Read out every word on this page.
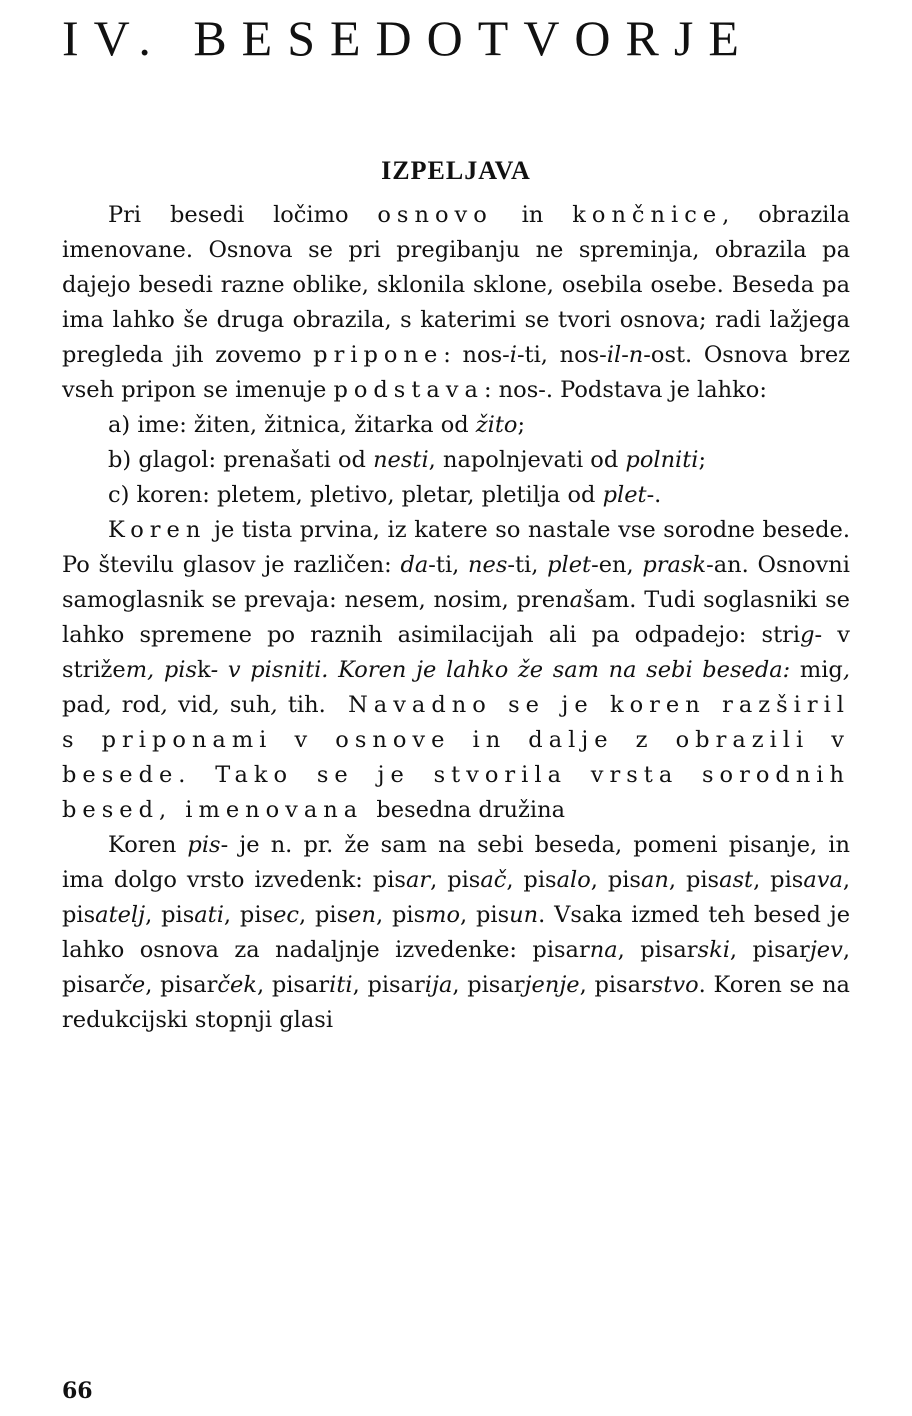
IV. BESEDOTVORJE
IZPELJAVA

Pri besedi ločimo osnovo in končnice, obrazila imenovane. Osnova se pri pregibanju ne spreminja, obrazila pa dajejo besedi razne oblike, sklonila sklone, osebila osebe. Beseda pa ima lahko še druga obrazila, s katerimi se tvori osnova; radi lažjega pregleda jih zovemo pripone: nos-i-ti, nos-il-n-ost. Osnova brez vseh pripon se imenuje podstava: nos-. Podstava je lahko:

a) ime: žiten, žitnica, žitarka od žito;

b) glagol: prenašati od nesti, napolnjevati od polniti;

c) koren: pletem, pletivo, pletar, pletilja od plet-.

Koren je tista prvina, iz katere so nastale vse sorodne besede. Po številu glasov je različen: da-ti, nes-ti, plet-en, prask-an. Osnovni samoglasnik se prevaja: nesem, nosim, prenašam. Tudi soglasniki se lahko spremene po raznih asimilacijah ali pa odpadejo: strig- v strižem, pisk- v pisniti. Koren je lahko že sam na sebi beseda: mig, pad, rod, vid, suh, tih. Navadno se je koren razširil s priponami v osnove in dalje z obrazili v besede. Tako se je stvorila vrsta sorodnih besed, imenovana besedna družina

Koren pis- je n. pr. že sam na sebi beseda, pomeni pisanje, in ima dolgo vrsto izvedenk: pisar, pisač, pisalo, pisan, pisast, pisava, pisatelj, pisati, pisec, pisen, pismo, pisun. Vsaka izmed teh besed je lahko osnova za nadaljnje izvedenke: pisarna, pisarski, pisarjev, pisarče, pisarček, pisariti, pisarija, pisarjenje, pisarstvo. Koren se na redukcijski stopnji glasi

66
